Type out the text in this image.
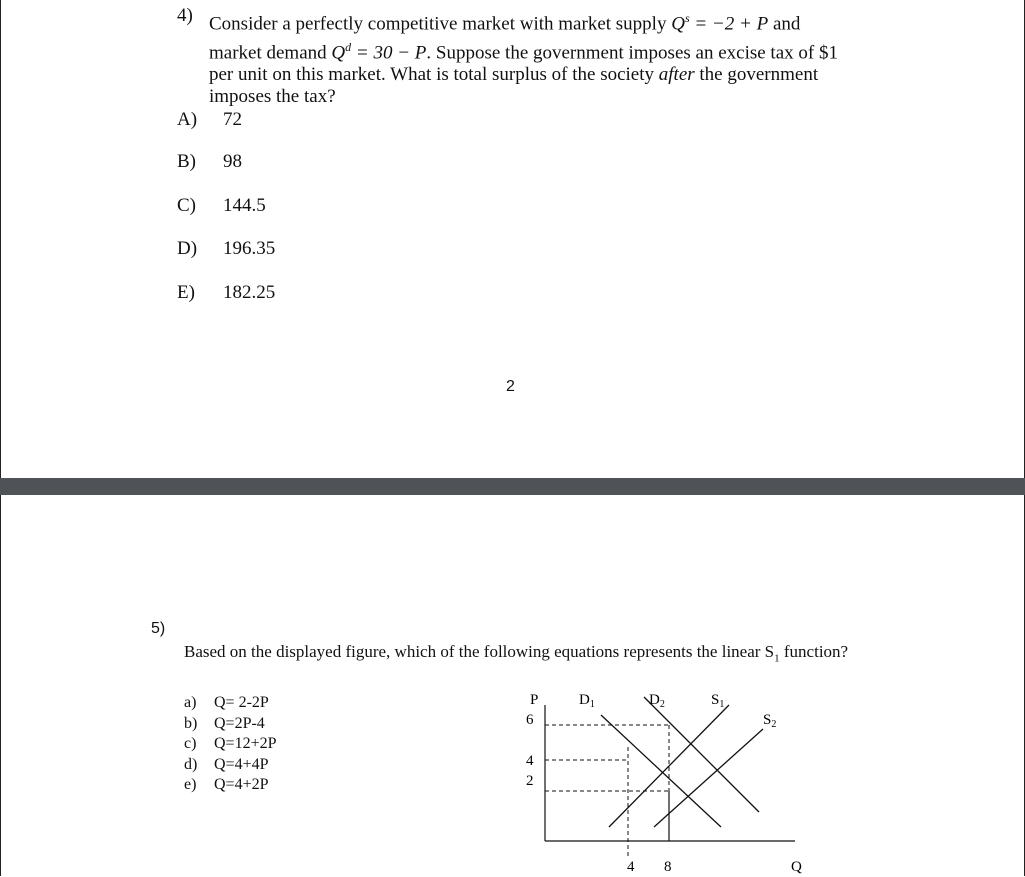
4) Consider a perfectly competitive market with market supply $Q^s = -2 + P$ and
market demand $Q^d = 30 - P$. Suppose the government imposes an excise tax of $1
per unit on this market. What is total surplus of the society after the government
imposes the tax?
A) 72
B) 98
C) 144.5
D) 196.35
E) 182.25
2
5)
Based on the displayed figure, which of the following equations represents the linear $S_1$ function?
a) Q= 2-2P
b) Q=2P-4
c) Q=12+2P
d) Q=4+4P
e) Q=4+2P
P
Q
6
4
2
4 8
$D_1$	$D_2$	$S_1$
$S_2$
